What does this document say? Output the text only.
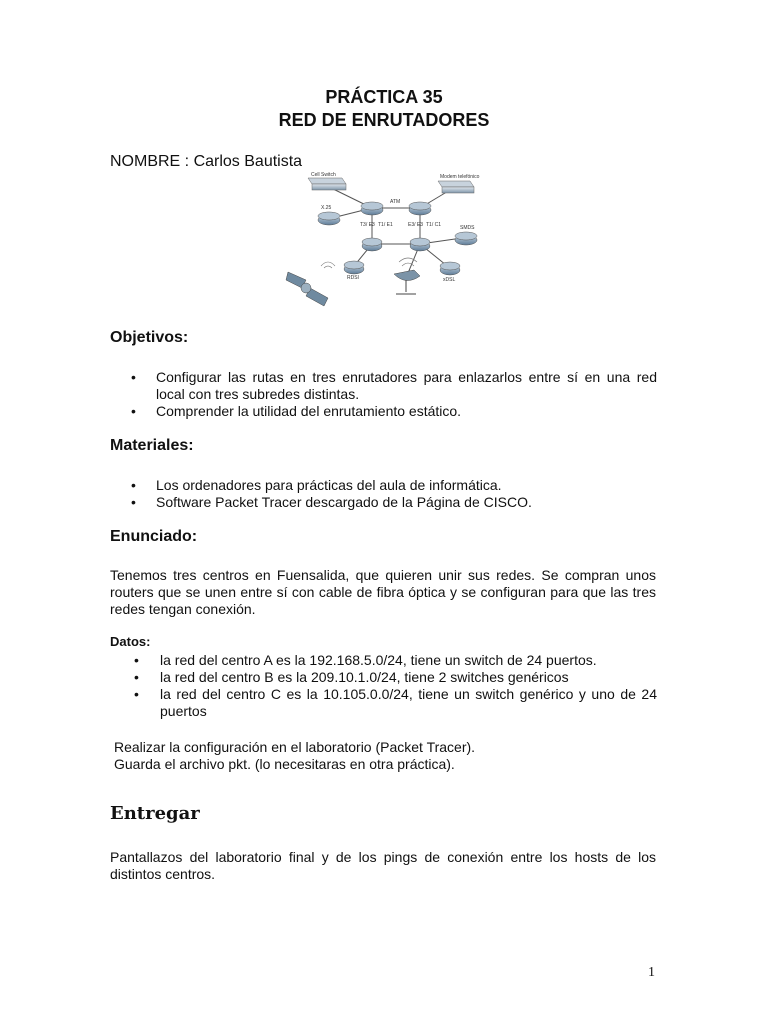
PRÁCTICA 35
RED DE ENRUTADORES
NOMBRE : Carlos Bautista
Cell Switch	Modem telefónico
X.25
ATM
T3/ E3 T1/ E1	E3/ E3 T1/ C1	SMDS
xDSL
RDSI
Objetivos:
• Configurar las rutas en tres enrutadores para enlazarlos entre sí en una red local con tres subredes distintas.
• Comprender la utilidad del enrutamiento estático.
Materiales:
• Los ordenadores para prácticas del aula de informática.
• Software Packet Tracer descargado de la Página de CISCO.
Enunciado:
Tenemos tres centros en Fuensalida, que quieren unir sus redes. Se compran unos routers que se unen entre sí con cable de fibra óptica y se configuran para que las tres redes tengan conexión.
Datos:
• la red del centro A es la 192.168.5.0/24, tiene un switch de 24 puertos.
• la red del centro B es la 209.10.1.0/24, tiene 2 switches genéricos
• la red del centro C es la 10.105.0.0/24, tiene un switch genérico y uno de 24 puertos
Realizar la configuración en el laboratorio (Packet Tracer).
Guarda el archivo pkt. (lo necesitaras en otra práctica).
Entregar
Pantallazos del laboratorio final y de los pings de conexión entre los hosts de los distintos centros.
1
